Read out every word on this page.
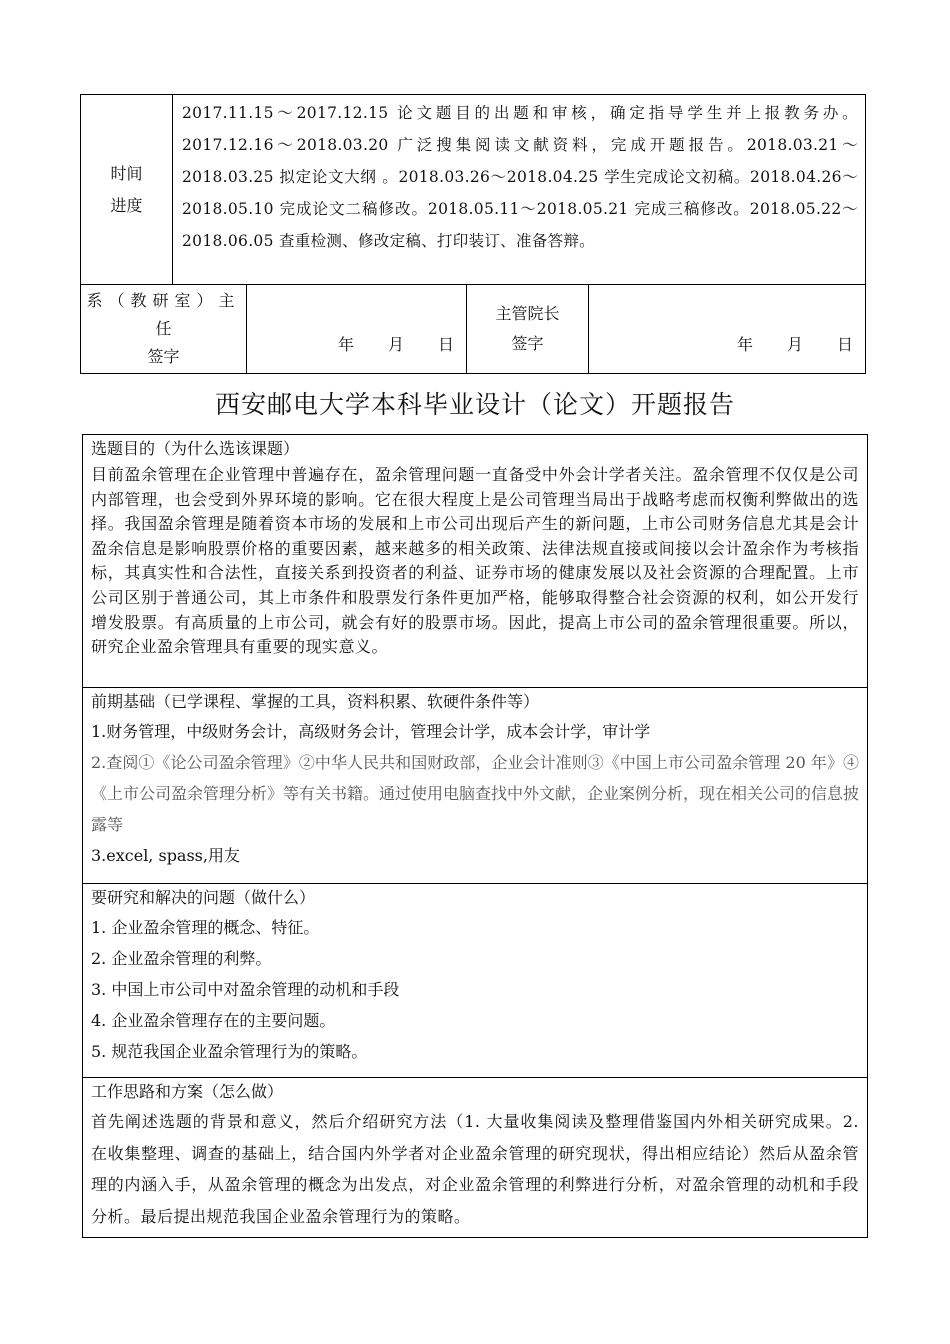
时间
进度
2017.11.15～2017.12.15 论文题目的出题和审核，确定指导学生并上报教务办。 2017.12.16～2018.03.20 广泛搜集阅读文献资料，完成开题报告。2018.03.21～2018.03.25 拟定论文大纲 。2018.03.26～2018.04.25 学生完成论文初稿。2018.04.26～2018.05.10 完成论文二稿修改。2018.05.11～2018.05.21 完成三稿修改。2018.05.22～2018.06.05 查重检测、修改定稿、打印装订、准备答辩。
系（教研室）主
任
签字
年 月 日
主管院长
签字	年 月 日
西安邮电大学本科毕业设计（论文）开题报告
选题目的（为什么选该课题）

目前盈余管理在企业管理中普遍存在，盈余管理问题一直备受中外会计学者关注。盈余管理不仅仅是公司内部管理，也会受到外界环境的影响。它在很大程度上是公司管理当局出于战略考虑而权衡利弊做出的选择。我国盈余管理是随着资本市场的发展和上市公司出现后产生的新问题，上市公司财务信息尤其是会计盈余信息是影响股票价格的重要因素，越来越多的相关政策、法律法规直接或间接以会计盈余作为考核指标，其真实性和合法性，直接关系到投资者的利益、证券市场的健康发展以及社会资源的合理配置。上市公司区别于普通公司，其上市条件和股票发行条件更加严格，能够取得整合社会资源的权利，如公开发行增发股票。有高质量的上市公司，就会有好的股票市场。因此，提高上市公司的盈余管理很重要。所以，研究企业盈余管理具有重要的现实意义。

前期基础（已学课程、掌握的工具，资料积累、软硬件条件等）
1.财务管理，中级财务会计，高级财务会计，管理会计学，成本会计学，审计学
2.查阅①《论公司盈余管理》②中华人民共和国财政部，企业会计准则③《中国上市公司盈余管理 20 年》④《上市公司盈余管理分析》等有关书籍。通过使用电脑查找中外文献，企业案例分析，现在相关公司的信息披露等
3.excel, spass,用友
要研究和解决的问题（做什么）
1. 企业盈余管理的概念、特征。
2. 企业盈余管理的利弊。
3. 中国上市公司中对盈余管理的动机和手段
4. 企业盈余管理存在的主要问题。
5. 规范我国企业盈余管理行为的策略。
工作思路和方案（怎么做）

首先阐述选题的背景和意义，然后介绍研究方法（1. 大量收集阅读及整理借鉴国内外相关研究成果。2. 在收集整理、调查的基础上，结合国内外学者对企业盈余管理的研究现状，得出相应结论）然后从盈余管理的内涵入手，从盈余管理的概念为出发点，对企业盈余管理的利弊进行分析，对盈余管理的动机和手段分析。最后提出规范我国企业盈余管理行为的策略。
